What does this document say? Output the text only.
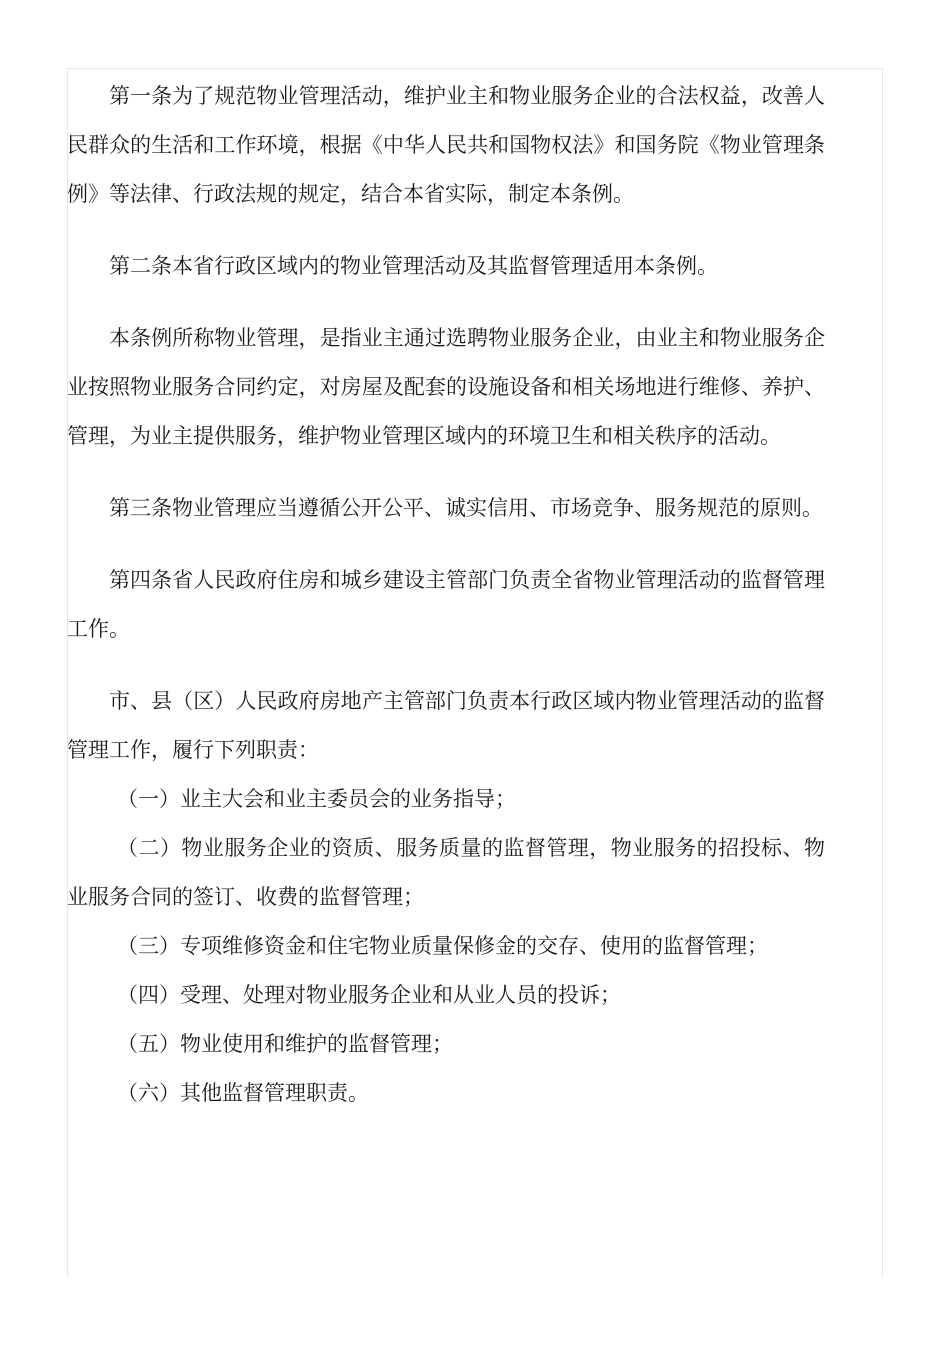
第一条为了规范物业管理活动，维护业主和物业服务企业的合法权益，改善人民群众的生活和工作环境，根据《中华人民共和国物权法》和国务院《物业管理条例》等法律、行政法规的规定，结合本省实际，制定本条例。

第二条本省行政区域内的物业管理活动及其监督管理适用本条例。

本条例所称物业管理，是指业主通过选聘物业服务企业，由业主和物业服务企业按照物业服务合同约定，对房屋及配套的设施设备和相关场地进行维修、养护、管理，为业主提供服务，维护物业管理区域内的环境卫生和相关秩序的活动。

第三条物业管理应当遵循公开公平、诚实信用、市场竞争、服务规范的原则。

第四条省人民政府住房和城乡建设主管部门负责全省物业管理活动的监督管理工作。

市、县（区）人民政府房地产主管部门负责本行政区域内物业管理活动的监督管理工作，履行下列职责：

（一）业主大会和业主委员会的业务指导；

（二）物业服务企业的资质、服务质量的监督管理，物业服务的招投标、物业服务合同的签订、收费的监督管理；

（三）专项维修资金和住宅物业质量保修金的交存、使用的监督管理；

（四）受理、处理对物业服务企业和从业人员的投诉；

（五）物业使用和维护的监督管理；

（六）其他监督管理职责。
